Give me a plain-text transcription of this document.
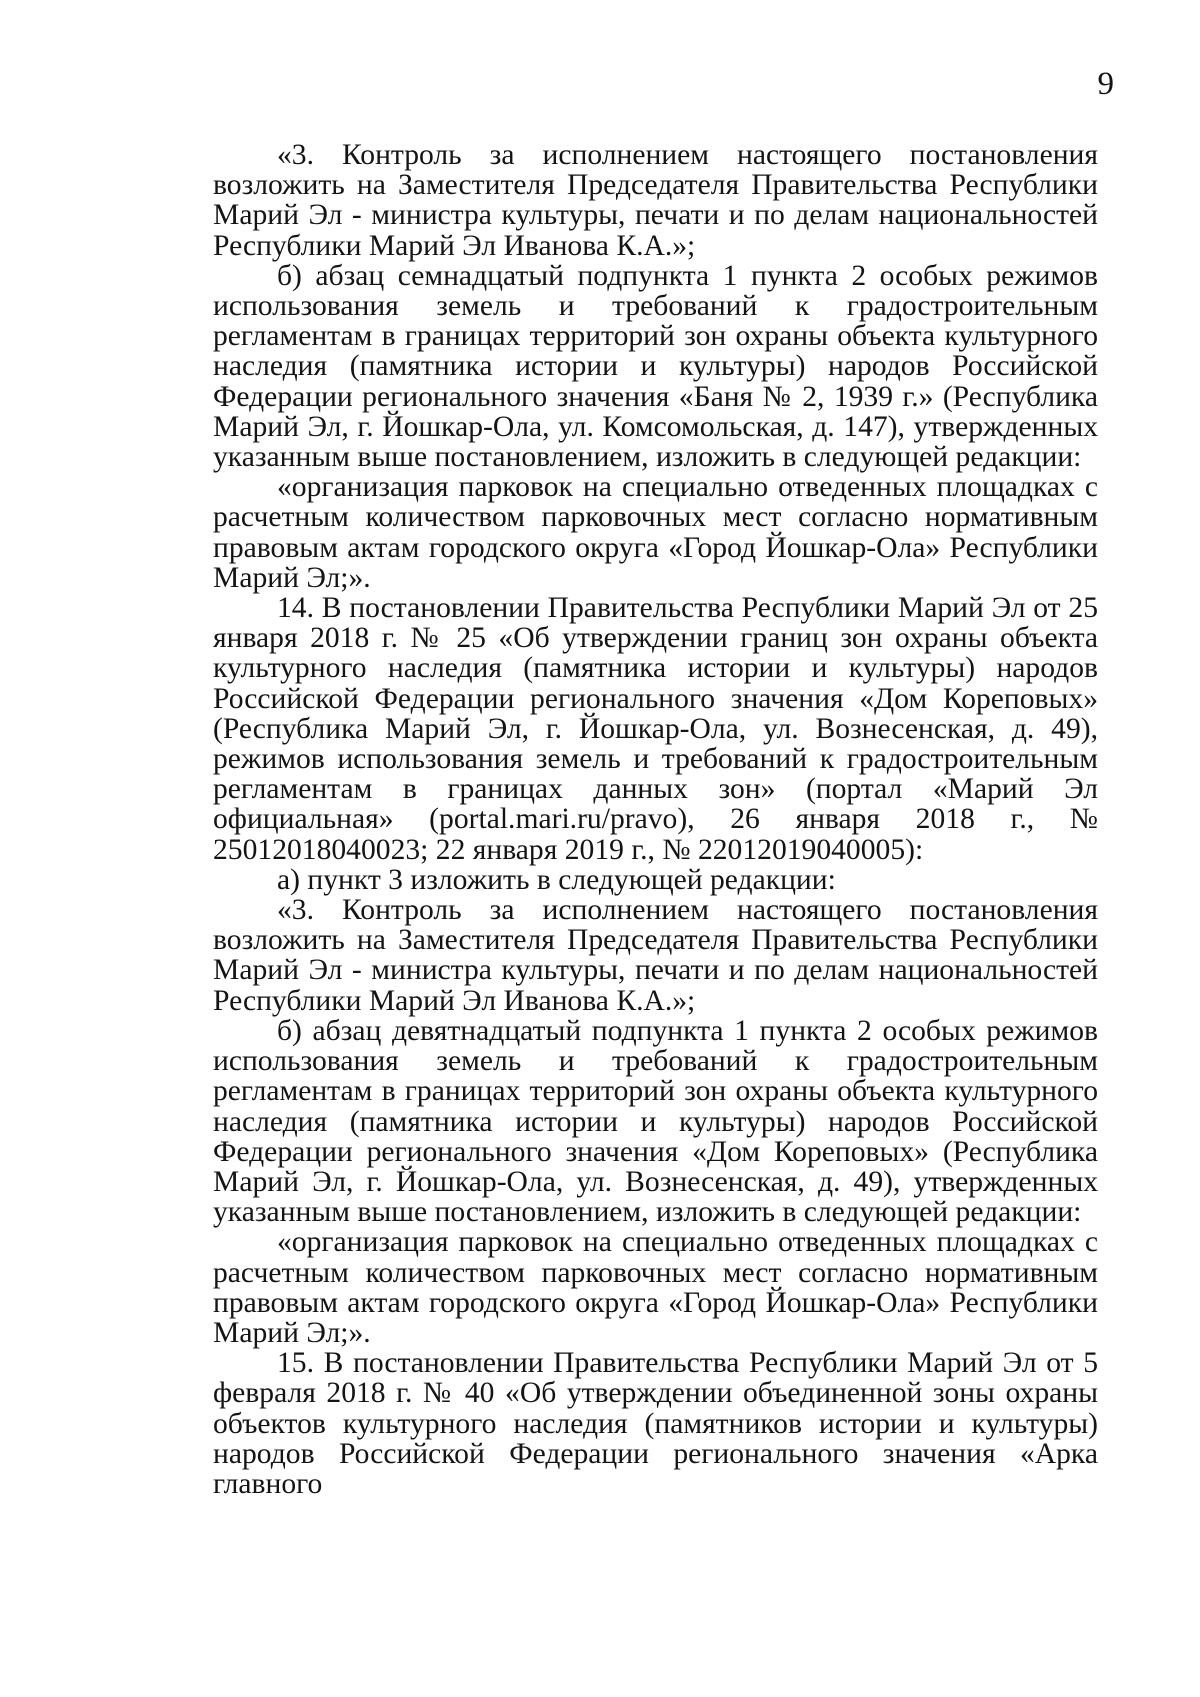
9

«3. Контроль за исполнением настоящего постановления возложить на Заместителя Председателя Правительства Республики Марий Эл - министра культуры, печати и по делам национальностей Республики Марий Эл Иванова К.А.»;

б) абзац семнадцатый подпункта 1 пункта 2 особых режимов использования земель и требований к градостроительным регламентам в границах территорий зон охраны объекта культурного наследия (памятника истории и культуры) народов Российской Федерации регионального значения «Баня № 2, 1939 г.» (Республика Марий Эл, г. Йошкар-Ола, ул. Комсомольская, д. 147), утвержденных указанным выше постановлением, изложить в следующей редакции:

«организация парковок на специально отведенных площадках с расчетным количеством парковочных мест согласно нормативным правовым актам городского округа «Город Йошкар-Ола» Республики Марий Эл;».

14. В постановлении Правительства Республики Марий Эл от 25 января 2018 г. № 25 «Об утверждении границ зон охраны объекта культурного наследия (памятника истории и культуры) народов Российской Федерации регионального значения «Дом Кореповых» (Республика Марий Эл, г. Йошкар-Ола, ул. Вознесенская, д. 49), режимов использования земель и требований к градостроительным регламентам в границах данных зон» (портал «Марий Эл официальная» (portal.mari.ru/pravo), 26 января 2018 г., № 25012018040023; 22 января 2019 г., № 22012019040005):

а) пункт 3 изложить в следующей редакции:

«3. Контроль за исполнением настоящего постановления возложить на Заместителя Председателя Правительства Республики Марий Эл - министра культуры, печати и по делам национальностей Республики Марий Эл Иванова К.А.»;

б) абзац девятнадцатый подпункта 1 пункта 2 особых режимов использования земель и требований к градостроительным регламентам в границах территорий зон охраны объекта культурного наследия (памятника истории и культуры) народов Российской Федерации регионального значения «Дом Кореповых» (Республика Марий Эл, г. Йошкар-Ола, ул. Вознесенская, д. 49), утвержденных указанным выше постановлением, изложить в следующей редакции:

«организация парковок на специально отведенных площадках с расчетным количеством парковочных мест согласно нормативным правовым актам городского округа «Город Йошкар-Ола» Республики Марий Эл;».

15. В постановлении Правительства Республики Марий Эл от 5 февраля 2018 г. № 40 «Об утверждении объединенной зоны охраны объектов культурного наследия (памятников истории и культуры) народов Российской Федерации регионального значения «Арка главного
